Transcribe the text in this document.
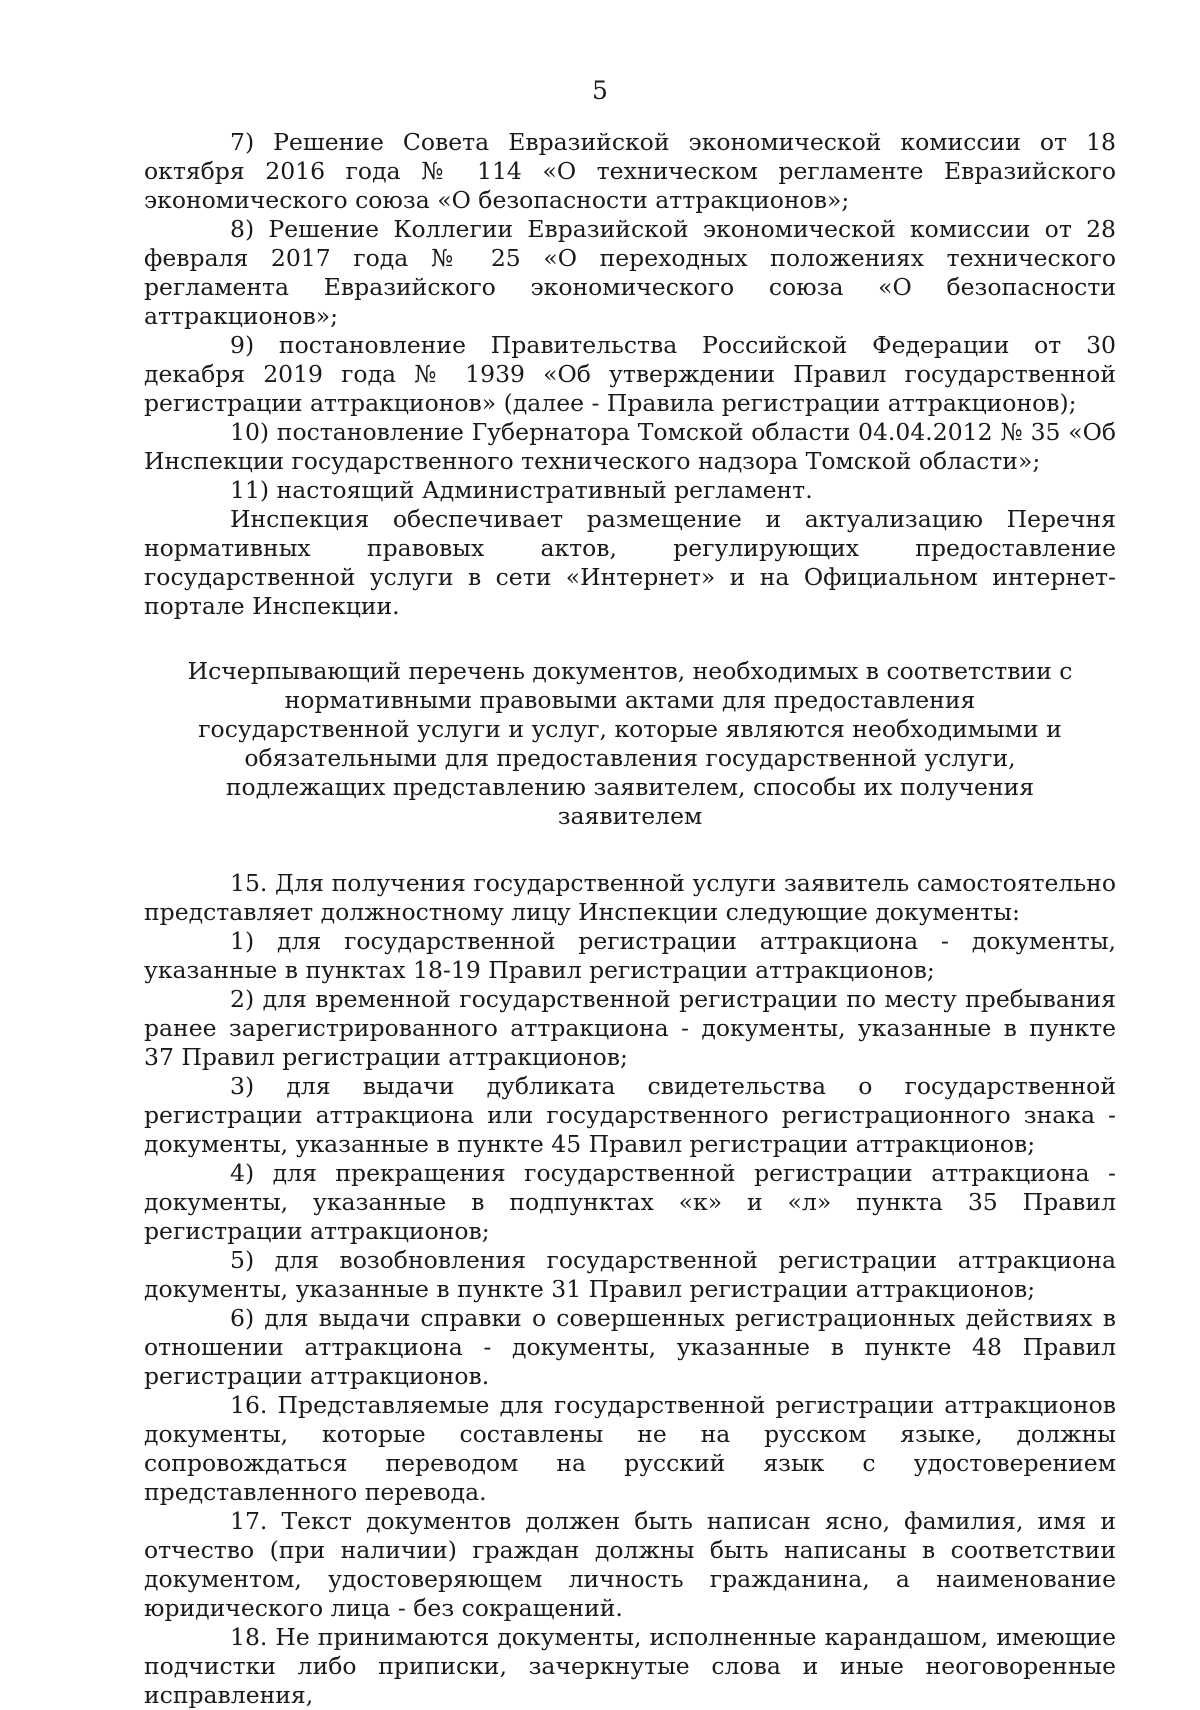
5

7) Решение Совета Евразийской экономической комиссии от 18 октября 2016 года № 114 «О техническом регламенте Евразийского экономического союза «О безопасности аттракционов»;

8) Решение Коллегии Евразийской экономической комиссии от 28 февраля 2017 года № 25 «О переходных положениях технического регламента Евразийского экономического союза «О безопасности аттракционов»;

9) постановление Правительства Российской Федерации от 30 декабря 2019 года № 1939 «Об утверждении Правил государственной регистрации аттракционов» (далее - Правила регистрации аттракционов);

10) постановление Губернатора Томской области 04.04.2012 № 35 «Об Инспекции государственного технического надзора Томской области»;

11) настоящий Административный регламент.

Инспекция обеспечивает размещение и актуализацию Перечня нормативных правовых актов, регулирующих предоставление государственной услуги в сети «Интернет» и на Официальном интернет-портале Инспекции.

Исчерпывающий перечень документов, необходимых в соответствии с нормативными правовыми актами для предоставления государственной услуги и услуг, которые являются необходимыми и обязательными для предоставления государственной услуги, подлежащих представлению заявителем, способы их получения заявителем

15. Для получения государственной услуги заявитель самостоятельно представляет должностному лицу Инспекции следующие документы:

1) для государственной регистрации аттракциона - документы, указанные в пунктах 18-19 Правил регистрации аттракционов;

2) для временной государственной регистрации по месту пребывания ранее зарегистрированного аттракциона - документы, указанные в пункте 37 Правил регистрации аттракционов;

3) для выдачи дубликата свидетельства о государственной регистрации аттракциона или государственного регистрационного знака - документы, указанные в пункте 45 Правил регистрации аттракционов;

4) для прекращения государственной регистрации аттракциона - документы, указанные в подпунктах «к» и «л» пункта 35 Правил регистрации аттракционов;

5) для возобновления государственной регистрации аттракциона документы, указанные в пункте 31 Правил регистрации аттракционов;

6) для выдачи справки о совершенных регистрационных действиях в отношении аттракциона - документы, указанные в пункте 48 Правил регистрации аттракционов.

16. Представляемые для государственной регистрации аттракционов документы, которые составлены не на русском языке, должны сопровождаться переводом на русский язык с удостоверением представленного перевода.

17. Текст документов должен быть написан ясно, фамилия, имя и отчество (при наличии) граждан должны быть написаны в соответствии документом, удостоверяющем личность гражданина, а наименование юридического лица - без сокращений.

18. Не принимаются документы, исполненные карандашом, имеющие подчистки либо приписки, зачеркнутые слова и иные неоговоренные исправления,
